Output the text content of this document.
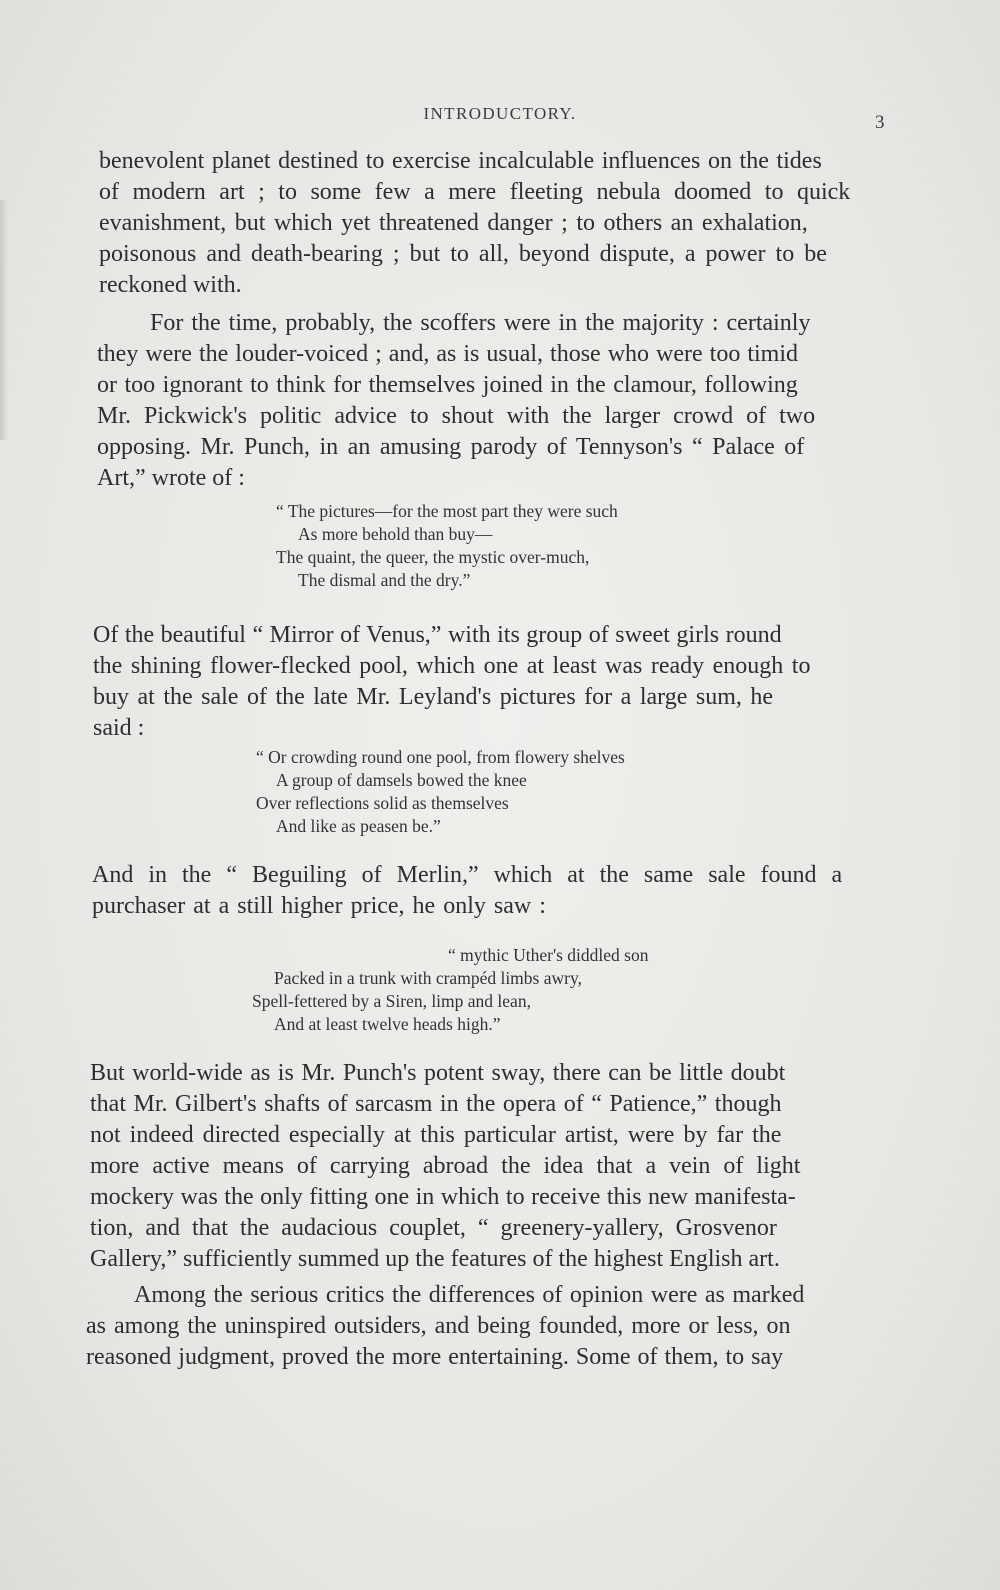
INTRODUCTORY.	3
benevolent planet destined to exercise incalculable influences on the tides
of modern art ; to some few a mere fleeting nebula doomed to quick
evanishment, but which yet threatened danger ; to others an exhalation,
poisonous and death-bearing ; but to all, beyond dispute, a power to be
reckoned with.
For the time, probably, the scoffers were in the majority : certainly
they were the louder-voiced ; and, as is usual, those who were too timid
or too ignorant to think for themselves joined in the clamour, following
Mr. Pickwick's politic advice to shout with the larger crowd of two
opposing. Mr. Punch, in an amusing parody of Tennyson's “ Palace of
Art,” wrote of :
“ The pictures—for the most part they were such
As more behold than buy—
The quaint, the queer, the mystic over-much,
The dismal and the dry.”
Of the beautiful “ Mirror of Venus,” with its group of sweet girls round
the shining flower-flecked pool, which one at least was ready enough to
buy at the sale of the late Mr. Leyland's pictures for a large sum, he
said :
“ Or crowding round one pool, from flowery shelves
A group of damsels bowed the knee
Over reflections solid as themselves
And like as peasen be.”
And in the “ Beguiling of Merlin,” which at the same sale found a
purchaser at a still higher price, he only saw :
“ mythic Uther's diddled son
Packed in a trunk with crampéd limbs awry,
Spell-fettered by a Siren, limp and lean,
And at least twelve heads high.”
But world-wide as is Mr. Punch's potent sway, there can be little doubt
that Mr. Gilbert's shafts of sarcasm in the opera of “ Patience,” though
not indeed directed especially at this particular artist, were by far the
more active means of carrying abroad the idea that a vein of light
mockery was the only fitting one in which to receive this new manifesta-
tion, and that the audacious couplet, “ greenery-yallery, Grosvenor
Gallery,” sufficiently summed up the features of the highest English art.
Among the serious critics the differences of opinion were as marked
as among the uninspired outsiders, and being founded, more or less, on
reasoned judgment, proved the more entertaining. Some of them, to say
